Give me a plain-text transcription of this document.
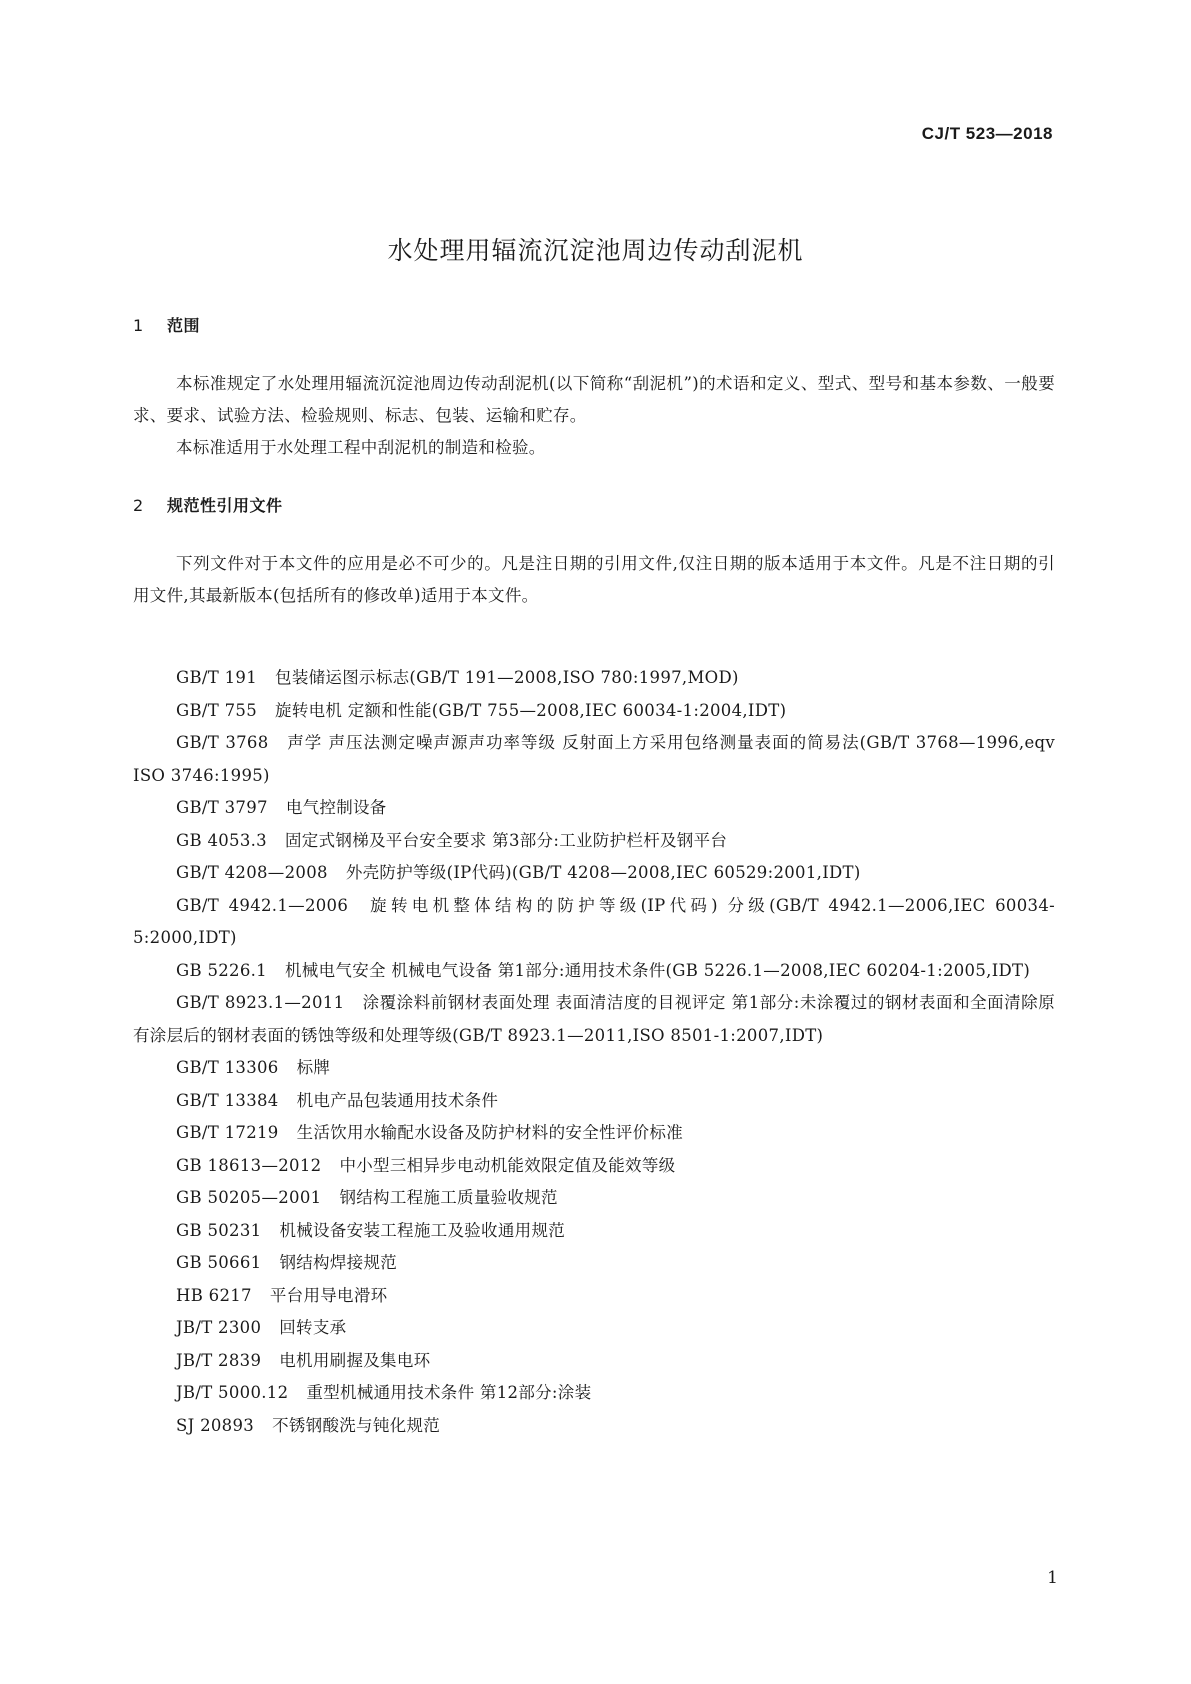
CJ/T 523—2018
水处理用辐流沉淀池周边传动刮泥机
1 范围

本标准规定了水处理用辐流沉淀池周边传动刮泥机(以下简称“刮泥机”)的术语和定义、型式、型号和基本参数、一般要求、要求、试验方法、检验规则、标志、包装、运输和贮存。

本标准适用于水处理工程中刮泥机的制造和检验。

2 规范性引用文件

下列文件对于本文件的应用是必不可少的。凡是注日期的引用文件,仅注日期的版本适用于本文件。凡是不注日期的引用文件,其最新版本(包括所有的修改单)适用于本文件。

GB/T 191 包装储运图示标志(GB/T 191—2008,ISO 780:1997,MOD)
GB/T 755 旋转电机 定额和性能(GB/T 755—2008,IEC 60034-1:2004,IDT)
GB/T 3768 声学 声压法测定噪声源声功率等级 反射面上方采用包络测量表面的简易法(GB/T 3768—1996,eqv ISO 3746:1995)
GB/T 3797 电气控制设备
GB 4053.3 固定式钢梯及平台安全要求 第3部分:工业防护栏杆及钢平台
GB/T 4208—2008 外壳防护等级(IP代码)(GB/T 4208—2008,IEC 60529:2001,IDT)
GB/T 4942.1—2006 旋转电机整体结构的防护等级(IP代码) 分级(GB/T 4942.1—2006,IEC 60034-5:2000,IDT)
GB 5226.1 机械电气安全 机械电气设备 第1部分:通用技术条件(GB 5226.1—2008,IEC 60204-1:2005,IDT)
GB/T 8923.1—2011 涂覆涂料前钢材表面处理 表面清洁度的目视评定 第1部分:未涂覆过的钢材表面和全面清除原有涂层后的钢材表面的锈蚀等级和处理等级(GB/T 8923.1—2011,ISO 8501-1:2007,IDT)
GB/T 13306 标牌
GB/T 13384 机电产品包装通用技术条件
GB/T 17219 生活饮用水输配水设备及防护材料的安全性评价标准
GB 18613—2012 中小型三相异步电动机能效限定值及能效等级
GB 50205—2001 钢结构工程施工质量验收规范
GB 50231 机械设备安装工程施工及验收通用规范
GB 50661 钢结构焊接规范
HB 6217 平台用导电滑环
JB/T 2300 回转支承
JB/T 2839 电机用刷握及集电环
JB/T 5000.12 重型机械通用技术条件 第12部分:涂装
SJ 20893 不锈钢酸洗与钝化规范
1
